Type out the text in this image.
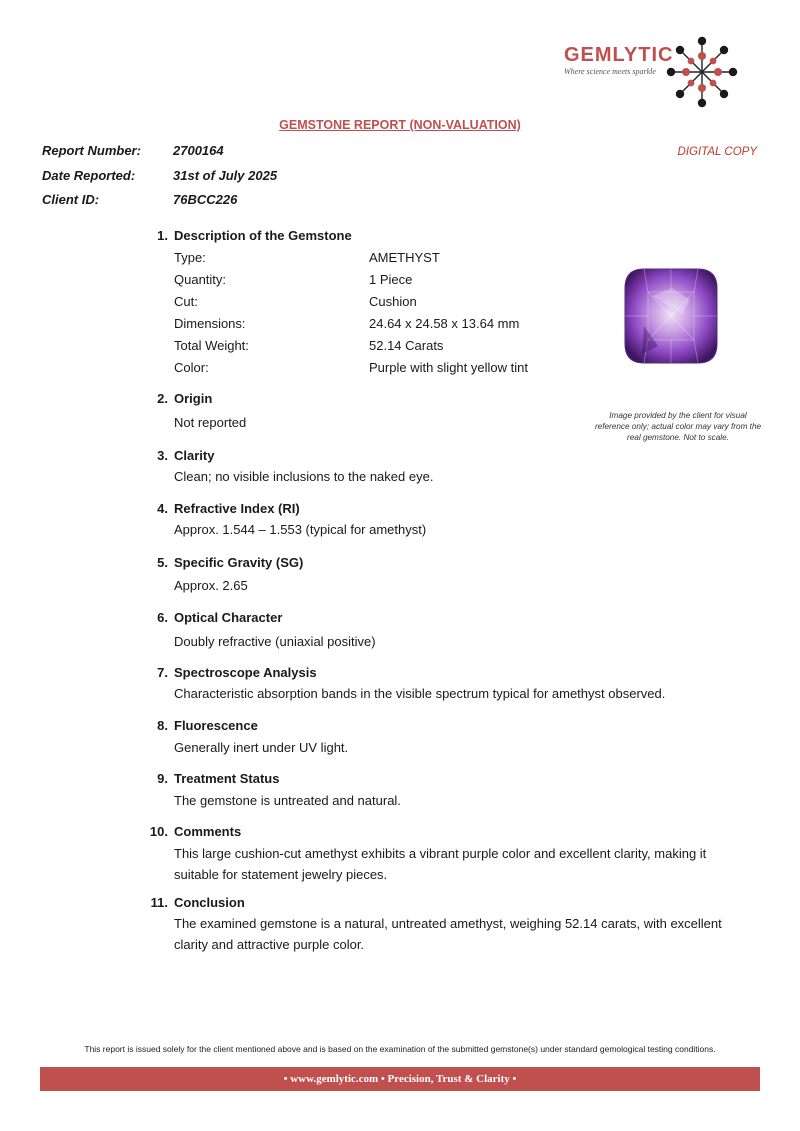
GEMLYTIC
Where science meets sparkle
GEMSTONE REPORT (NON-VALUATION)
Report Number: 2700164
Date Reported:	31st of July 2025
Client ID:	76BCC226
DIGITAL COPY
1. Description of the Gemstone
Type:	AMETHYST
Quantity:	1 Piece
Cut:	Cushion
Dimensions:	24.64 x 24.58 x 13.64 mm
Total Weight:	52.14 Carats
Color:	Purple with slight yellow tint
Image provided by the client for visual reference only; actual color may vary from the real gemstone. Not to scale.
2. Origin
Not reported
3. Clarity
Clean; no visible inclusions to the naked eye.
4. Refractive Index (RI)
Approx. 1.544 – 1.553 (typical for amethyst)
5. Specific Gravity (SG)
Approx. 2.65
6. Optical Character
Doubly refractive (uniaxial positive)
7. Spectroscope Analysis
Characteristic absorption bands in the visible spectrum typical for amethyst observed.
8. Fluorescence
Generally inert under UV light.
9. Treatment Status
The gemstone is untreated and natural.
10. Comments
This large cushion-cut amethyst exhibits a vibrant purple color and excellent clarity, making it suitable for statement jewelry pieces.
11. Conclusion
The examined gemstone is a natural, untreated amethyst, weighing 52.14 carats, with excellent clarity and attractive purple color.
This report is issued solely for the client mentioned above and is based on the examination of the submitted gemstone(s) under standard gemological testing conditions.
• www.gemlytic.com • Precision, Trust & Clarity •
